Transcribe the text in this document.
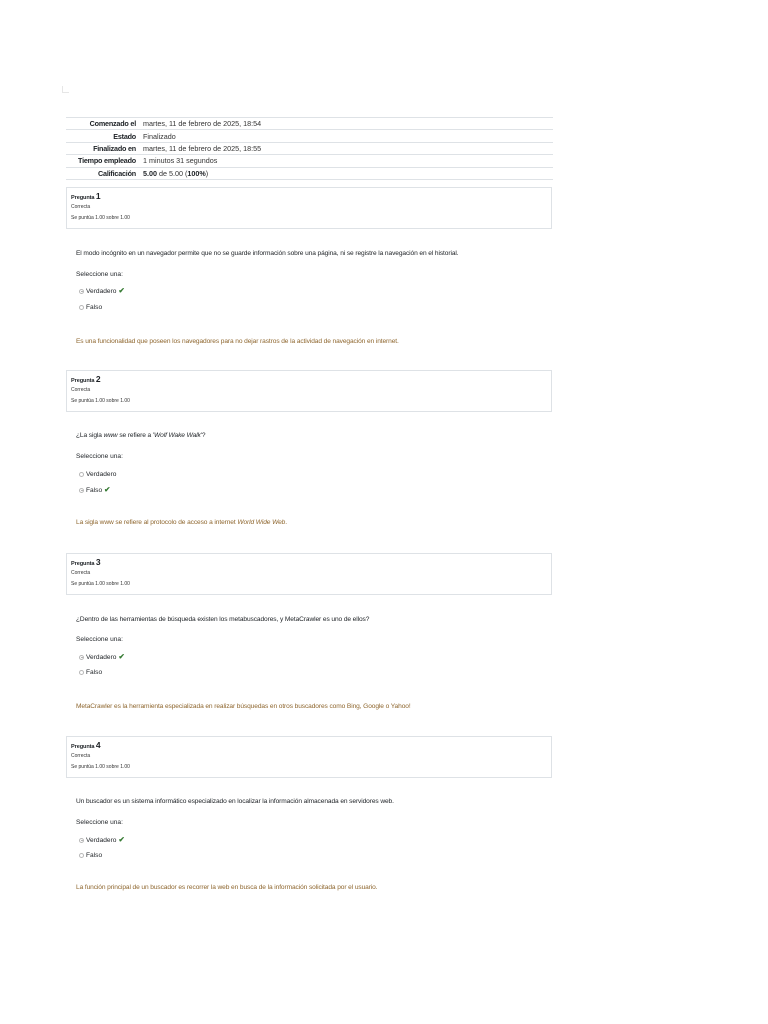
Comenzado el	martes, 11 de febrero de 2025, 18:54
Estado	Finalizado
Finalizado en	martes, 11 de febrero de 2025, 18:55
Tiempo empleado	1 minutos 31 segundos
Calificación	5.00 de 5.00 (100%)
Pregunta 1
Correcta
Se puntúa 1.00 sobre 1.00
El modo incógnito en un navegador permite que no se guarde información sobre una página, ni se registre la navegación en el historial.
Seleccione una:
Verdadero ✔
Falso
Es una funcionalidad que poseen los navegadores para no dejar rastros de la actividad de navegación en internet.
Pregunta 2
Correcta
Se puntúa 1.00 sobre 1.00
¿La sigla www se refiere a 'Wolf Wake Walk'?
Seleccione una:
Verdadero
Falso ✔
La sigla www se refiere al protocolo de acceso a internet World Wide Web.
Pregunta 3
Correcta
Se puntúa 1.00 sobre 1.00
¿Dentro de las herramientas de búsqueda existen los metabuscadores, y MetaCrawler es uno de ellos?
Seleccione una:
Verdadero ✔
Falso
MetaCrawler es la herramienta especializada en realizar búsquedas en otros buscadores como Bing, Google o Yahoo!
Pregunta 4
Correcta
Se puntúa 1.00 sobre 1.00
Un buscador es un sistema informático especializado en localizar la información almacenada en servidores web.
Seleccione una:
Verdadero ✔
Falso
La función principal de un buscador es recorrer la web en busca de la información solicitada por el usuario.
